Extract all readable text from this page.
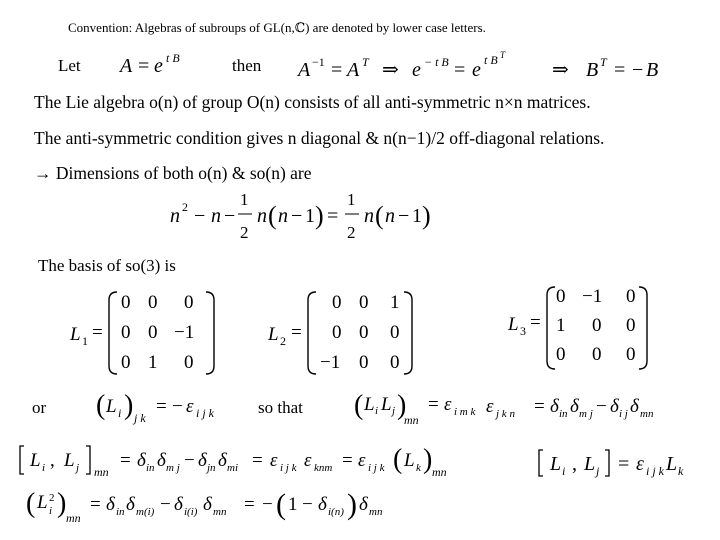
Convention: Algebras of subroups of GL(n,ℂ) are denoted by lower case letters.
Let	then
The Lie algebra o(n) of group O(n) consists of all anti-symmetric n×n matrices.
The anti-symmetric condition gives n diagonal & n(n−1)/2 off-diagonal relations.
→ Dimensions of both o(n) & so(n) are
The basis of so(3) is
or	so that
A = e t B
A −1 = A T ⇒ e − t B = e t B T
⇒ B T = − B
n 2 − n −
1
2
n ( n − 1 ) =
1
2
n ( n − 1 )
L 1 =
0 0 0
0 0 −1
0 1 0
L 2 =
0 0 1
0 0 0
−1 0 0
L 3 =
0 −1 0
1 0 0
0 0 0
( L i ) j k
= − ε i j k	( L i L j )
mn
= ε i m k ε j k n = δ in δ m j − δ i j δ mn
L i , L j mn
= δ in δ m j − δ jn δ mi = ε i j k ε knm = ε i j k ( L k ) mn	L i , L j = ε i j k L k
( L 2
i ) mn
= δ in δ m(i) − δ i(i) δ mn = − ( 1 − δ i(n) ) δ mn
